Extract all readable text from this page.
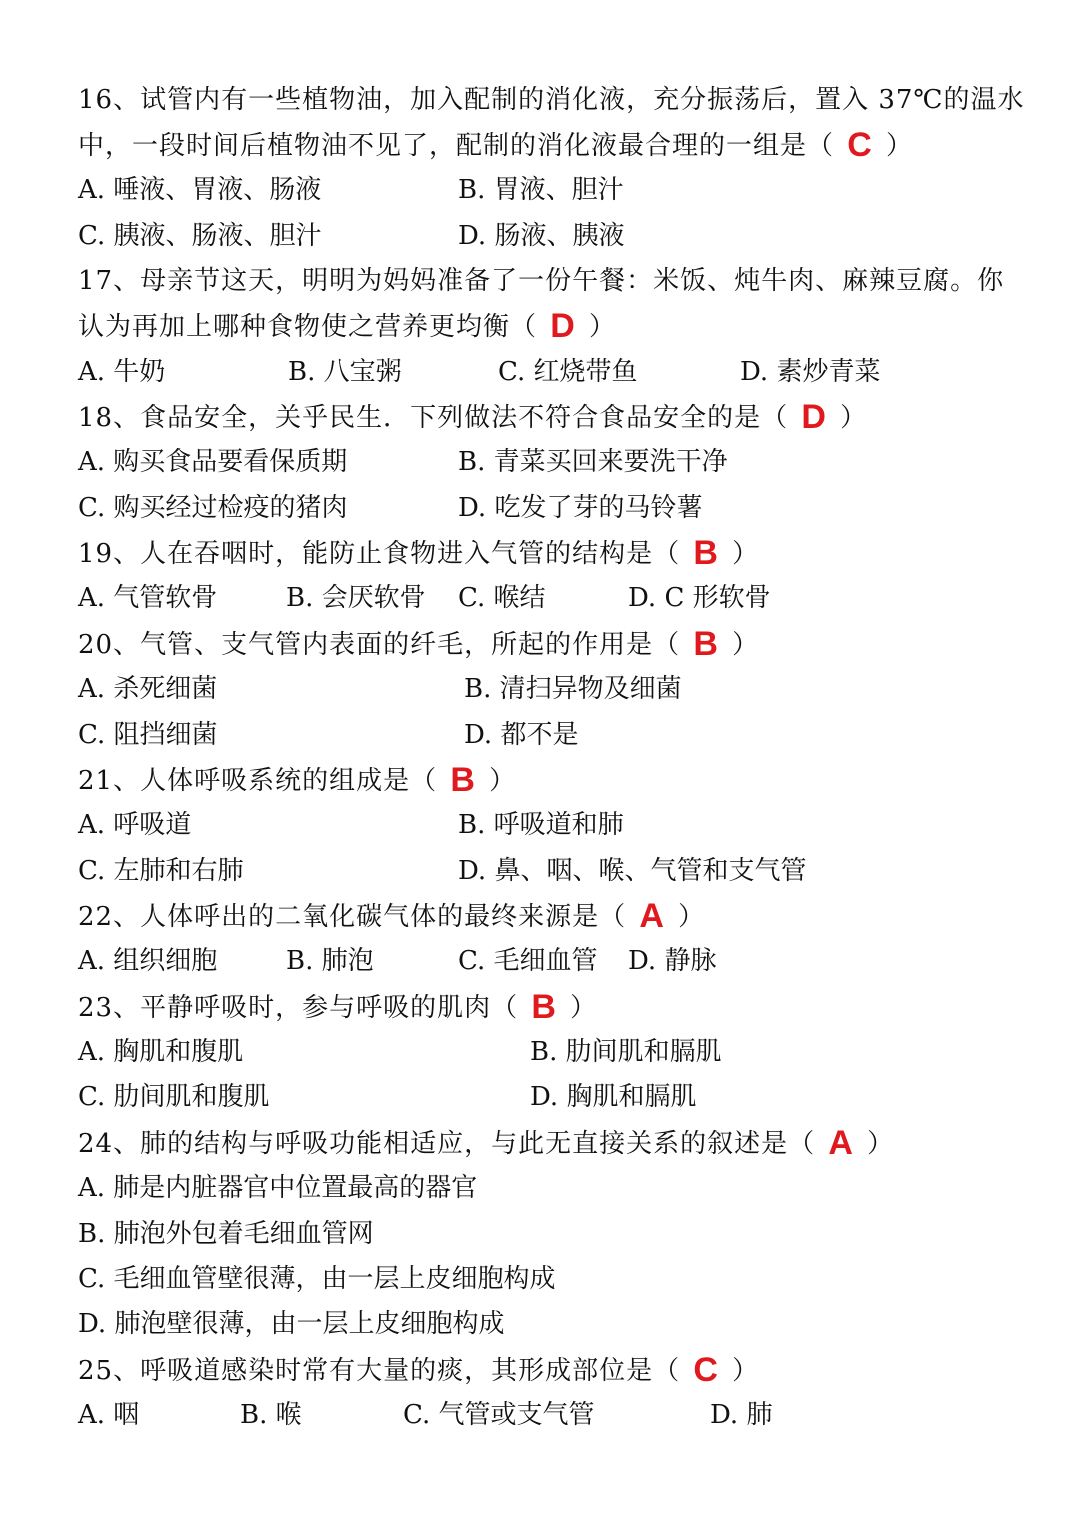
16、试管内有一些植物油，加入配制的消化液，充分振荡后，置入 37℃的温水
中，一段时间后植物油不见了，配制的消化液最合理的一组是（ C ）
A. 唾液、胃液、肠液	B. 胃液、胆汁
C. 胰液、肠液、胆汁	D. 肠液、胰液
17、母亲节这天，明明为妈妈准备了一份午餐：米饭、炖牛肉、麻辣豆腐。你
认为再加上哪种食物使之营养更均衡（ D ）
A. 牛奶	B. 八宝粥	C. 红烧带鱼	D. 素炒青菜
18、食品安全，关乎民生．下列做法不符合食品安全的是（ D ）
A. 购买食品要看保质期	B. 青菜买回来要洗干净
C. 购买经过检疫的猪肉	D. 吃发了芽的马铃薯
19、人在吞咽时，能防止食物进入气管的结构是（ B ）
A. 气管软骨	B. 会厌软骨 C. 喉结	D. C 形软骨
20、气管、支气管内表面的纤毛，所起的作用是（ B ）
A. 杀死细菌	B. 清扫异物及细菌
C. 阻挡细菌	D. 都不是
21、人体呼吸系统的组成是（ B ）
A. 呼吸道	B. 呼吸道和肺
C. 左肺和右肺	D. 鼻、咽、喉、气管和支气管
22、人体呼出的二氧化碳气体的最终来源是（ A ）
A. 组织细胞	B. 肺泡	C. 毛细血管 D. 静脉
23、平静呼吸时，参与呼吸的肌肉（ B ）
A. 胸肌和腹肌	B. 肋间肌和膈肌
C. 肋间肌和腹肌	D. 胸肌和膈肌
24、肺的结构与呼吸功能相适应，与此无直接关系的叙述是（ A ）
A. 肺是内脏器官中位置最高的器官
B. 肺泡外包着毛细血管网
C. 毛细血管壁很薄，由一层上皮细胞构成
D. 肺泡壁很薄，由一层上皮细胞构成
25、呼吸道感染时常有大量的痰，其形成部位是（ C ）
A. 咽	B. 喉	C. 气管或支气管	D. 肺
